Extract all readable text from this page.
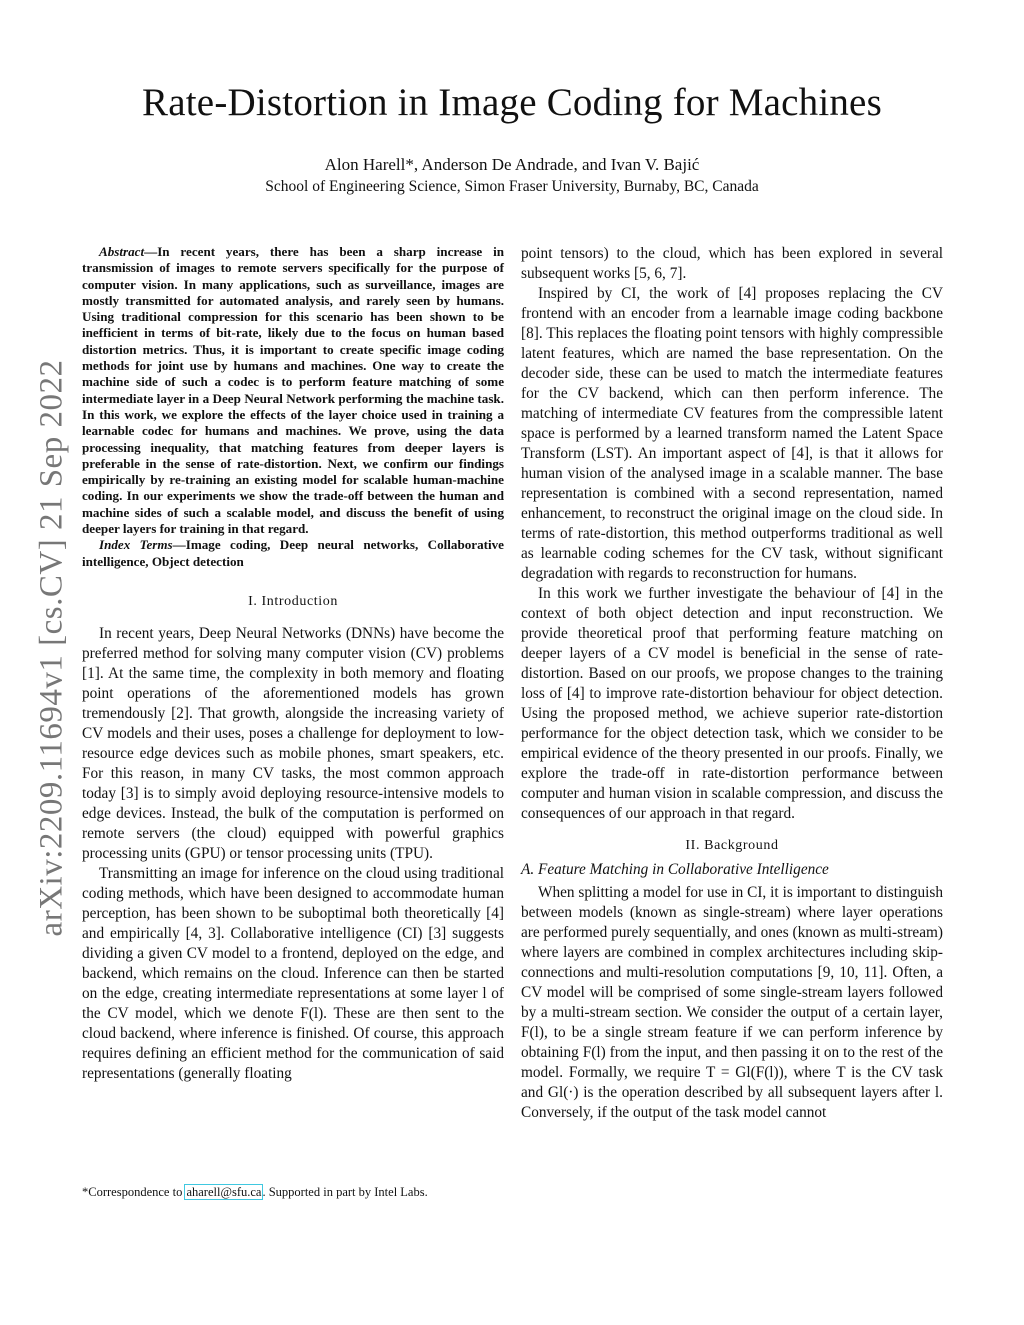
Rate-Distortion in Image Coding for Machines
Alon Harell*, Anderson De Andrade, and Ivan V. Bajić
School of Engineering Science, Simon Fraser University, Burnaby, BC, Canada
arXiv:2209.11694v1 [cs.CV] 21 Sep 2022

Abstract—In recent years, there has been a sharp increase in transmission of images to remote servers specifically for the purpose of computer vision. In many applications, such as surveillance, images are mostly transmitted for automated analysis, and rarely seen by humans. Using traditional compression for this scenario has been shown to be inefficient in terms of bit-rate, likely due to the focus on human based distortion metrics. Thus, it is important to create specific image coding methods for joint use by humans and machines. One way to create the machine side of such a codec is to perform feature matching of some intermediate layer in a Deep Neural Network performing the machine task. In this work, we explore the effects of the layer choice used in training a learnable codec for humans and machines. We prove, using the data processing inequality, that matching features from deeper layers is preferable in the sense of rate-distortion. Next, we confirm our findings empirically by re-training an existing model for scalable human-machine coding. In our experiments we show the trade-off between the human and machine sides of such a scalable model, and discuss the benefit of using deeper layers for training in that regard.

Index Terms—Image coding, Deep neural networks, Collaborative intelligence, Object detection

I. Introduction

In recent years, Deep Neural Networks (DNNs) have become the preferred method for solving many computer vision (CV) problems [1]. At the same time, the complexity in both memory and floating point operations of the aforementioned models has grown tremendously [2]. That growth, alongside the increasing variety of CV models and their uses, poses a challenge for deployment to low-resource edge devices such as mobile phones, smart speakers, etc. For this reason, in many CV tasks, the most common approach today [3] is to simply avoid deploying resource-intensive models to edge devices. Instead, the bulk of the computation is performed on remote servers (the cloud) equipped with powerful graphics processing units (GPU) or tensor processing units (TPU).

Transmitting an image for inference on the cloud using traditional coding methods, which have been designed to accommodate human perception, has been shown to be suboptimal both theoretically [4] and empirically [4, 3]. Collaborative intelligence (CI) [3] suggests dividing a given CV model to a frontend, deployed on the edge, and backend, which remains on the cloud. Inference can then be started on the edge, creating intermediate representations at some layer l of the CV model, which we denote F(l). These are then sent to the cloud backend, where inference is finished. Of course, this approach requires defining an efficient method for the communication of said representations (generally floating

*Correspondence to aharell@sfu.ca. Supported in part by Intel Labs.

point tensors) to the cloud, which has been explored in several subsequent works [5, 6, 7].

Inspired by CI, the work of [4] proposes replacing the CV frontend with an encoder from a learnable image coding backbone [8]. This replaces the floating point tensors with highly compressible latent features, which are named the base representation. On the decoder side, these can be used to match the intermediate features for the CV backend, which can then perform inference. The matching of intermediate CV features from the compressible latent space is performed by a learned transform named the Latent Space Transform (LST). An important aspect of [4], is that it allows for human vision of the analysed image in a scalable manner. The base representation is combined with a second representation, named enhancement, to reconstruct the original image on the cloud side. In terms of rate-distortion, this method outperforms traditional as well as learnable coding schemes for the CV task, without significant degradation with regards to reconstruction for humans.

In this work we further investigate the behaviour of [4] in the context of both object detection and input reconstruction. We provide theoretical proof that performing feature matching on deeper layers of a CV model is beneficial in the sense of rate-distortion. Based on our proofs, we propose changes to the training loss of [4] to improve rate-distortion behaviour for object detection. Using the proposed method, we achieve superior rate-distortion performance for the object detection task, which we consider to be empirical evidence of the theory presented in our proofs. Finally, we explore the trade-off in rate-distortion performance between computer and human vision in scalable compression, and discuss the consequences of our approach in that regard.

II. Background
A. Feature Matching in Collaborative Intelligence

When splitting a model for use in CI, it is important to distinguish between models (known as single-stream) where layer operations are performed purely sequentially, and ones (known as multi-stream) where layers are combined in complex architectures including skip-connections and multi-resolution computations [9, 10, 11]. Often, a CV model will be comprised of some single-stream layers followed by a multi-stream section. We consider the output of a certain layer, F(l), to be a single stream feature if we can perform inference by obtaining F(l) from the input, and then passing it on to the rest of the model. Formally, we require T = Gl(F(l)), where T is the CV task and Gl(·) is the operation described by all subsequent layers after l. Conversely, if the output of the task model cannot
